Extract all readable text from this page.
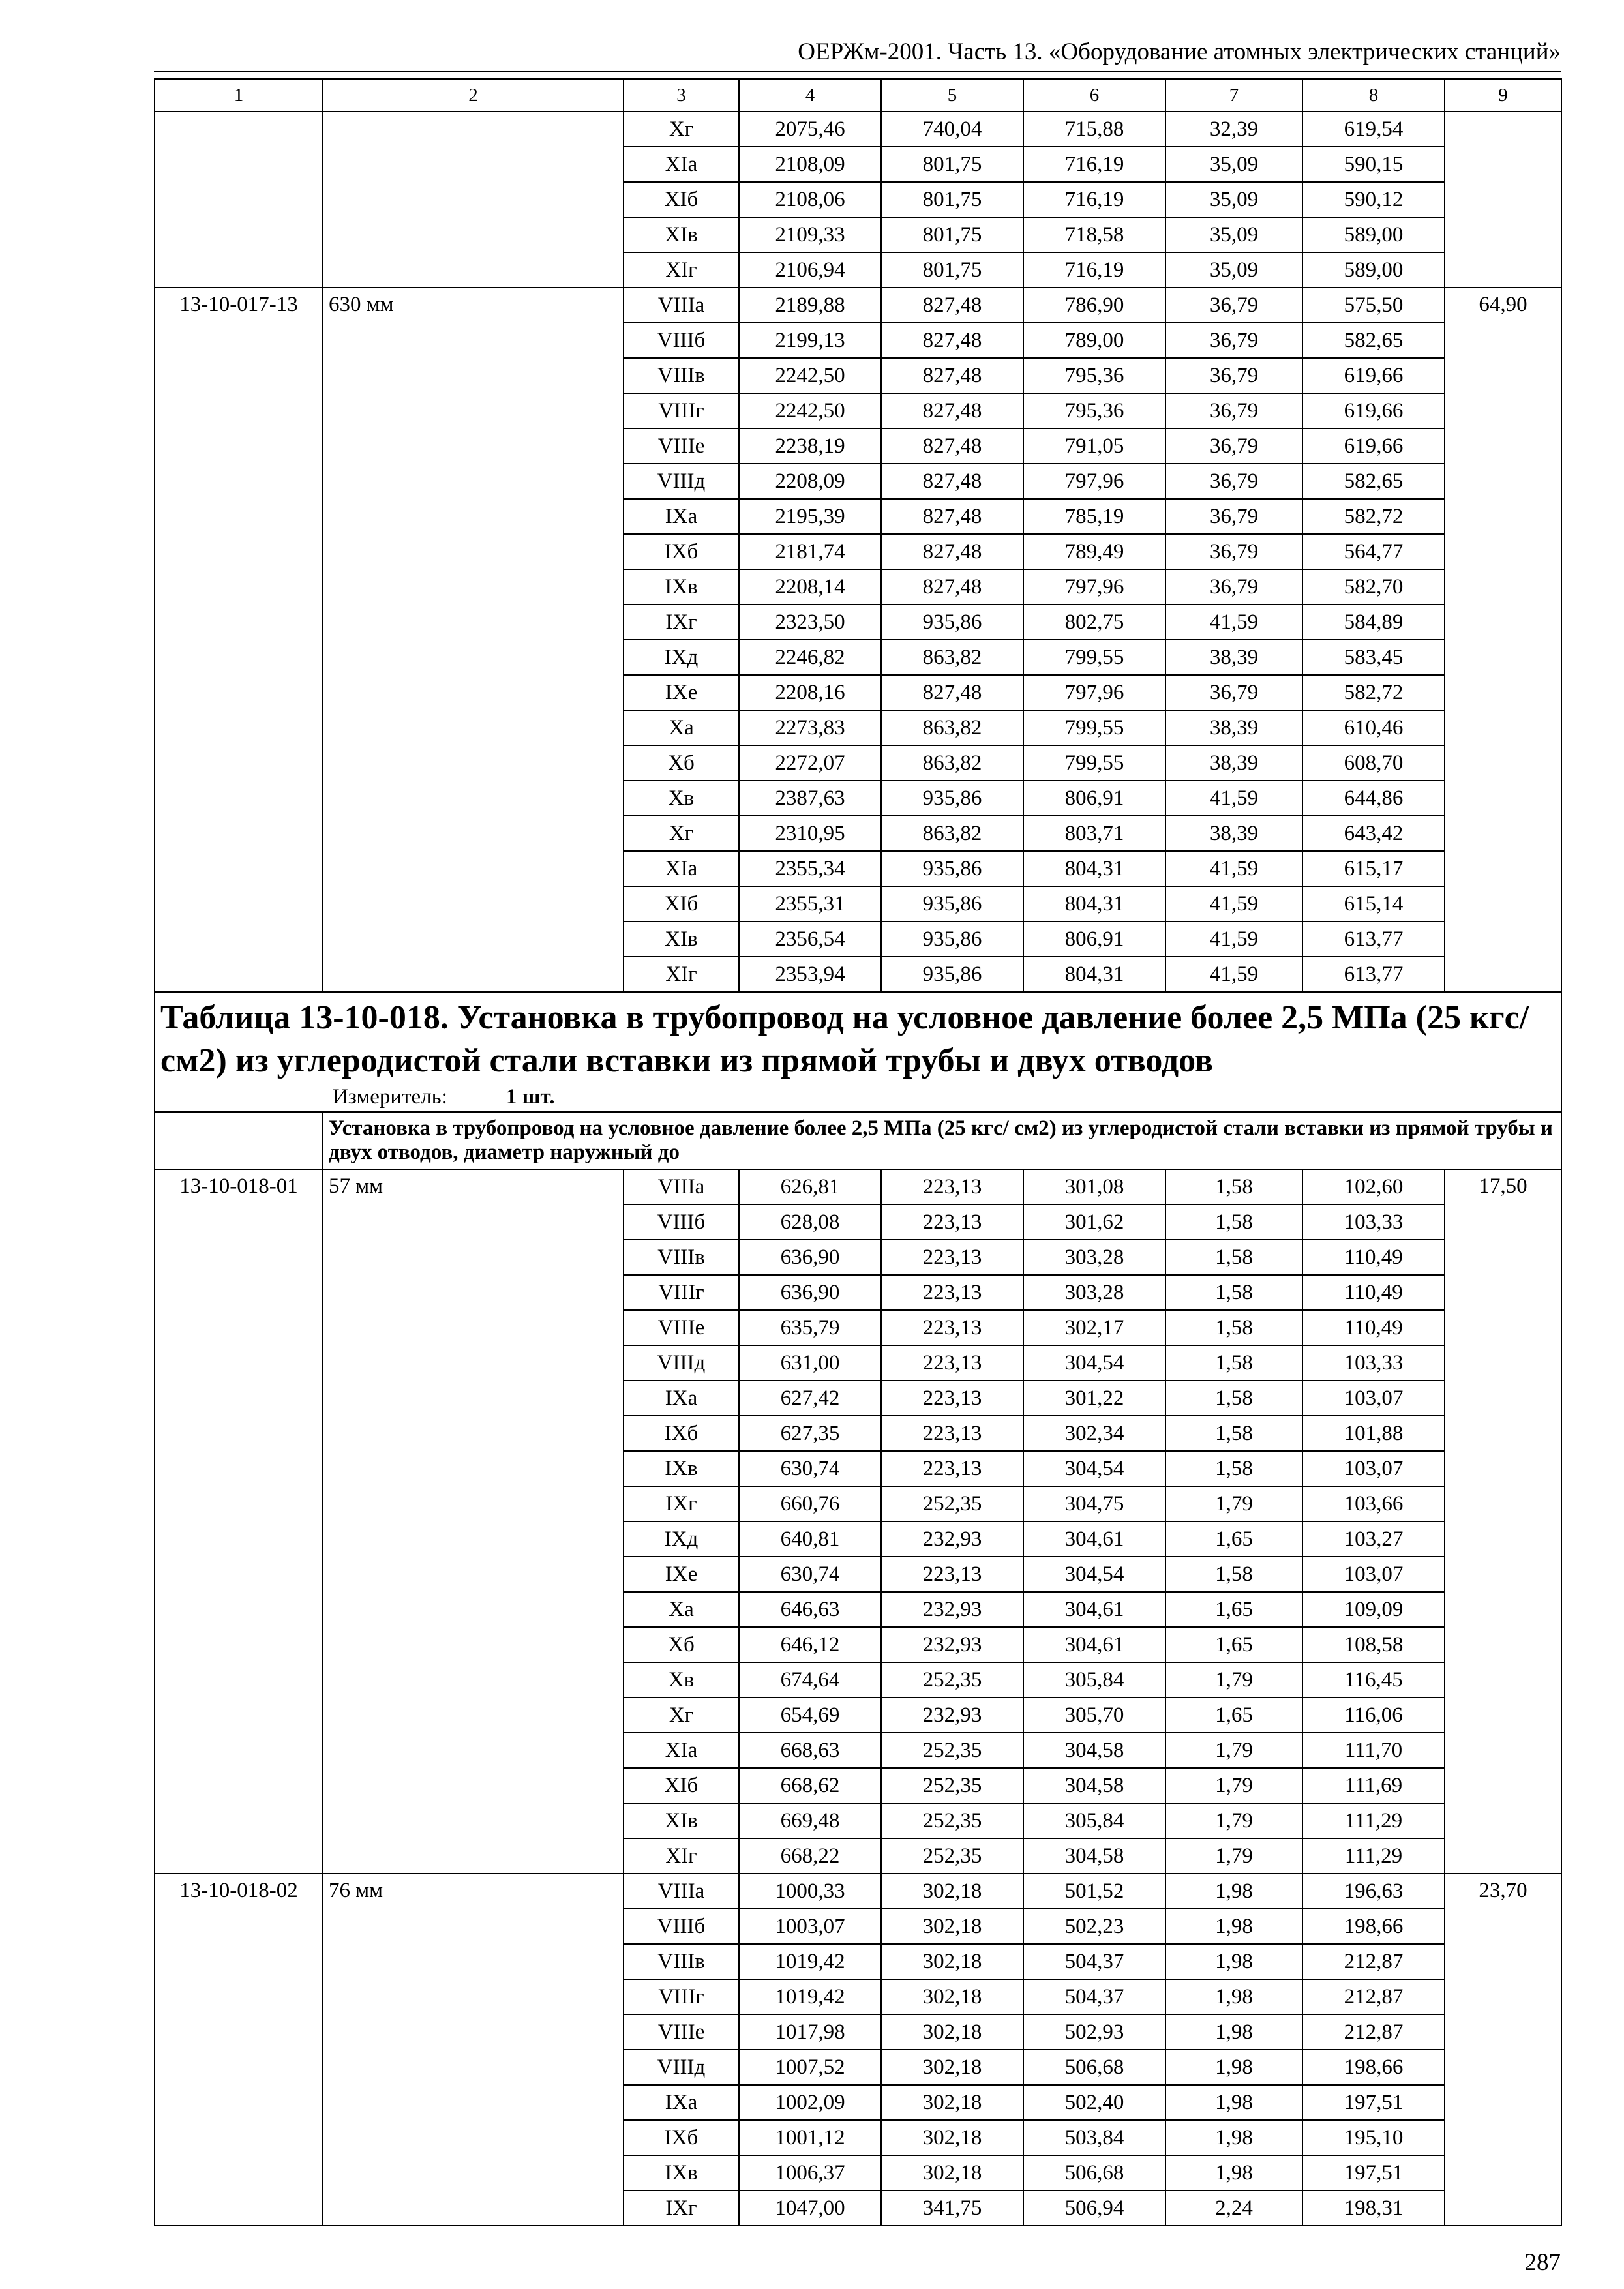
ОЕРЖм-2001. Часть 13. «Оборудование атомных электрических станций»
1	2	3	4	5	6	7	8	9
		Xг	2075,46	740,04	715,88	32,39	619,54	
		XIа	2108,09	801,75	716,19	35,09	590,15	
		XIб	2108,06	801,75	716,19	35,09	590,12	
		XIв	2109,33	801,75	718,58	35,09	589,00	
		XIг	2106,94	801,75	716,19	35,09	589,00	
13-10-017-13	630 мм	VIIIа	2189,88	827,48	786,90	36,79	575,50	64,90
		VIIIб	2199,13	827,48	789,00	36,79	582,65	
		VIIIв	2242,50	827,48	795,36	36,79	619,66	
		VIIIг	2242,50	827,48	795,36	36,79	619,66	
		VIIIе	2238,19	827,48	791,05	36,79	619,66	
		VIIIд	2208,09	827,48	797,96	36,79	582,65	
		IXа	2195,39	827,48	785,19	36,79	582,72	
		IXб	2181,74	827,48	789,49	36,79	564,77	
		IXв	2208,14	827,48	797,96	36,79	582,70	
		IXг	2323,50	935,86	802,75	41,59	584,89	
		IXд	2246,82	863,82	799,55	38,39	583,45	
		IXе	2208,16	827,48	797,96	36,79	582,72	
		Xа	2273,83	863,82	799,55	38,39	610,46	
		Xб	2272,07	863,82	799,55	38,39	608,70	
		Xв	2387,63	935,86	806,91	41,59	644,86	
		Xг	2310,95	863,82	803,71	38,39	643,42	
		XIа	2355,34	935,86	804,31	41,59	615,17	
		XIб	2355,31	935,86	804,31	41,59	615,14	
		XIв	2356,54	935,86	806,91	41,59	613,77	
		XIг	2353,94	935,86	804,31	41,59	613,77	

Таблица 13-10-018. Установка в трубопровод на условное давление более 2,5 МПа (25 кгс/ см2) из углеродистой стали вставки из прямой трубы и двух отводов
Измеритель: 1 шт.								

	Установка в трубопровод на условное давление более 2,5 МПа (25 кгс/ см2) из углеродистой стали вставки из прямой трубы и двух отводов, диаметр наружный до							
13-10-018-01	57 мм	VIIIа	626,81	223,13	301,08	1,58	102,60	17,50
		VIIIб	628,08	223,13	301,62	1,58	103,33	
		VIIIв	636,90	223,13	303,28	1,58	110,49	
		VIIIг	636,90	223,13	303,28	1,58	110,49	
		VIIIе	635,79	223,13	302,17	1,58	110,49	
		VIIIд	631,00	223,13	304,54	1,58	103,33	
		IXа	627,42	223,13	301,22	1,58	103,07	
		IXб	627,35	223,13	302,34	1,58	101,88	
		IXв	630,74	223,13	304,54	1,58	103,07	
		IXг	660,76	252,35	304,75	1,79	103,66	
		IXд	640,81	232,93	304,61	1,65	103,27	
		IXе	630,74	223,13	304,54	1,58	103,07	
		Xа	646,63	232,93	304,61	1,65	109,09	
		Xб	646,12	232,93	304,61	1,65	108,58	
		Xв	674,64	252,35	305,84	1,79	116,45	
		Xг	654,69	232,93	305,70	1,65	116,06	
		XIа	668,63	252,35	304,58	1,79	111,70	
		XIб	668,62	252,35	304,58	1,79	111,69	
		XIв	669,48	252,35	305,84	1,79	111,29	
		XIг	668,22	252,35	304,58	1,79	111,29	
13-10-018-02	76 мм	VIIIа	1000,33	302,18	501,52	1,98	196,63	23,70
		VIIIб	1003,07	302,18	502,23	1,98	198,66	
		VIIIв	1019,42	302,18	504,37	1,98	212,87	
		VIIIг	1019,42	302,18	504,37	1,98	212,87	
		VIIIе	1017,98	302,18	502,93	1,98	212,87	
		VIIIд	1007,52	302,18	506,68	1,98	198,66	
		IXа	1002,09	302,18	502,40	1,98	197,51	
		IXб	1001,12	302,18	503,84	1,98	195,10	
		IXв	1006,37	302,18	506,68	1,98	197,51	
		IXг	1047,00	341,75	506,94	2,24	198,31	
287
